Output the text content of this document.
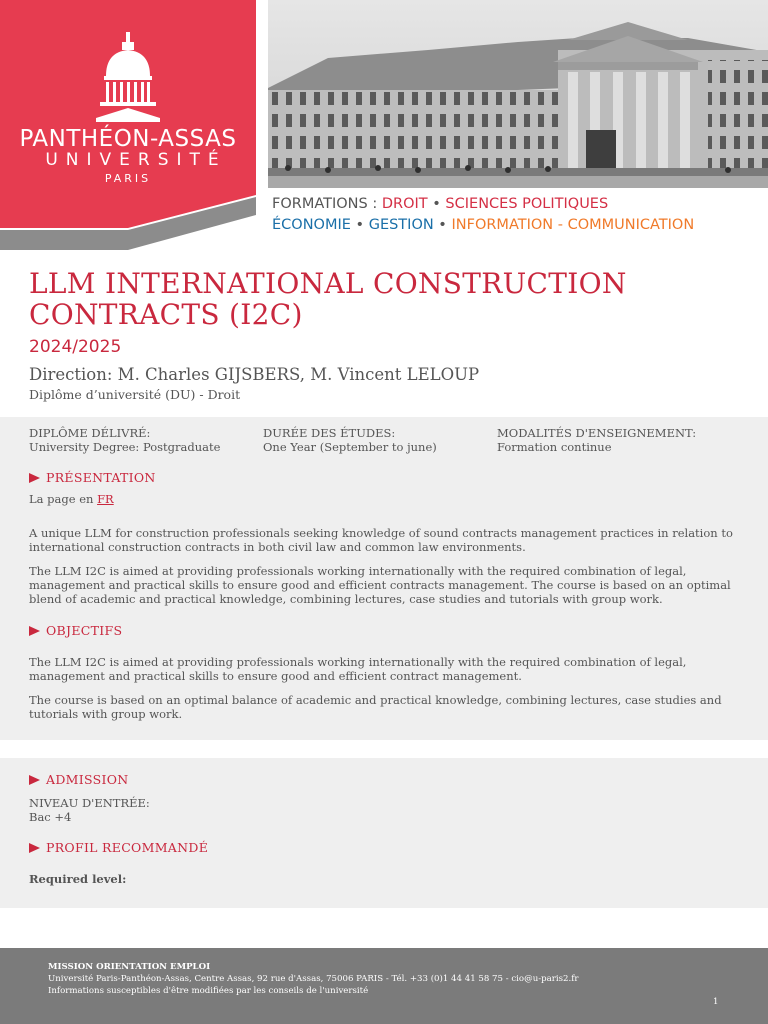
PANTHÉON-ASSAS
UNIVERSITÉ
PARIS
FORMATIONS : DROIT • SCIENCES POLITIQUES
ÉCONOMIE • GESTION • INFORMATION - COMMUNICATION
LLM INTERNATIONAL CONSTRUCTION CONTRACTS (I2C)
2024/2025
Direction: M. Charles GIJSBERS, M. Vincent LELOUP
Diplôme d’université (DU) - Droit
DIPLÔME DÉLIVRÉ:
University Degree: Postgraduate
DURÉE DES ÉTUDES:
One Year (September to june)
MODALITÉS D'ENSEIGNEMENT:
Formation continue
PRÉSENTATION
La page en FR
A unique LLM for construction professionals seeking knowledge of sound contracts management practices in relation to international construction contracts in both civil law and common law environments.
The LLM I2C is aimed at providing professionals working internationally with the required combination of legal, management and practical skills to ensure good and efficient contracts management. The course is based on an optimal blend of academic and practical knowledge, combining lectures, case studies and tutorials with group work.
OBJECTIFS
The LLM I2C is aimed at providing professionals working internationally with the required combination of legal, management and practical skills to ensure good and efficient contract management.
The course is based on an optimal balance of academic and practical knowledge, combining lectures, case studies and tutorials with group work.
ADMISSION
NIVEAU D'ENTRÉE:
Bac +4
PROFIL RECOMMANDÉ
Required level:
MISSION ORIENTATION EMPLOI
Université Paris-Panthéon-Assas, Centre Assas, 92 rue d'Assas, 75006 PARIS - Tél. +33 (0)1 44 41 58 75 - cio@u-paris2.fr
Informations susceptibles d'être modifiées par les conseils de l'université
1
